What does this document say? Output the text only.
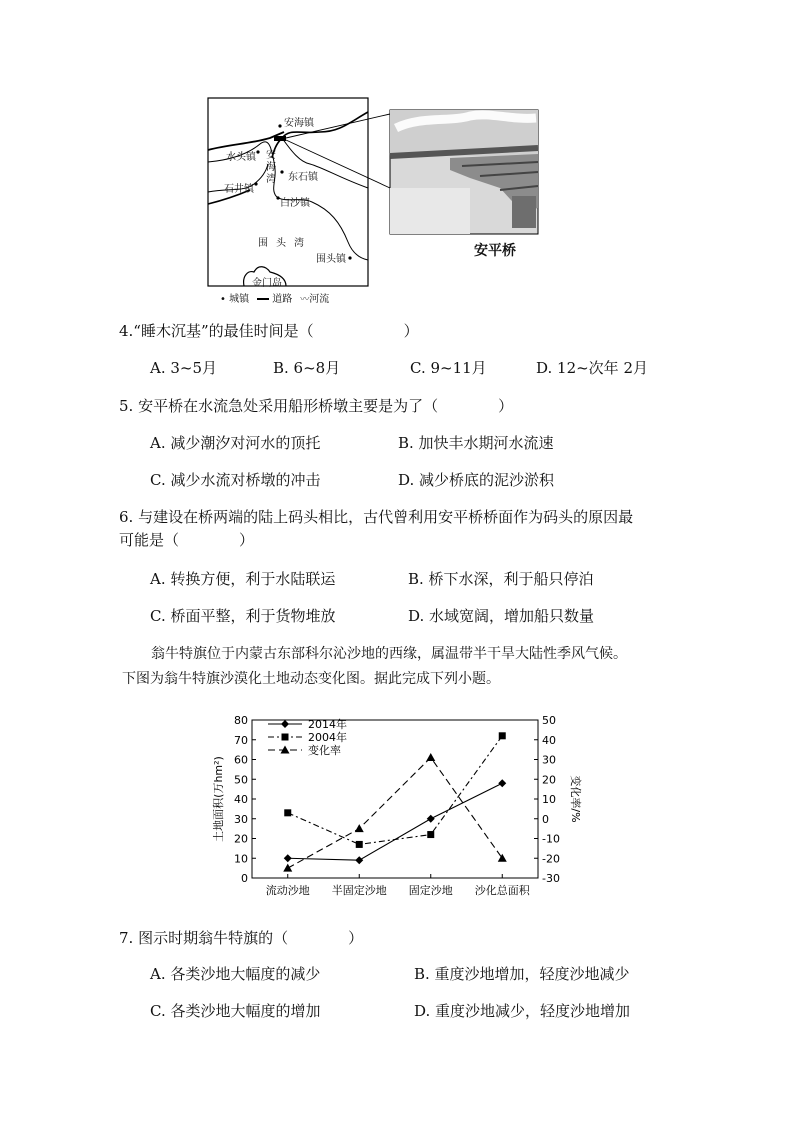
安海镇
水头镇 安海湾 东石镇
石井镇
白沙镇
围头湾
围头镇
金门岛
• 城镇	道路 〰河流
安平桥
4.“睡木沉基”的最佳时间是（　　　　　　）
A. 3~5月	B. 6~8月	C. 9~11月	D. 12~次年 2月
5. 安平桥在水流急处采用船形桥墩主要是为了（　　　　）
A. 减少潮汐对河水的顶托	B. 加快丰水期河水流速
C. 减少水流对桥墩的冲击	D. 减少桥底的泥沙淤积
6. 与建设在桥两端的陆上码头相比，古代曾利用安平桥桥面作为码头的原因最
可能是（　　　　）
A. 转换方便，利于水陆联运	B. 桥下水深，利于船只停泊
C. 桥面平整，利于货物堆放	D. 水域宽阔，增加船只数量
翁牛特旗位于内蒙古东部科尔沁沙地的西缘，属温带半干旱大陆性季风气候。
下图为翁牛特旗沙漠化土地动态变化图。据此完成下列小题。
0
10
20
30
40
50
60
70
80
-30
-20
-10
0
10
20
30
40
50
流动沙地 半固定沙地 固定沙地 沙化总面积
土地面积(万hm²)	变化率/%
2014年
2004年
变化率
7. 图示时期翁牛特旗的（　　　　）
A. 各类沙地大幅度的减少	B. 重度沙地增加，轻度沙地减少
C. 各类沙地大幅度的增加	D. 重度沙地减少，轻度沙地增加
